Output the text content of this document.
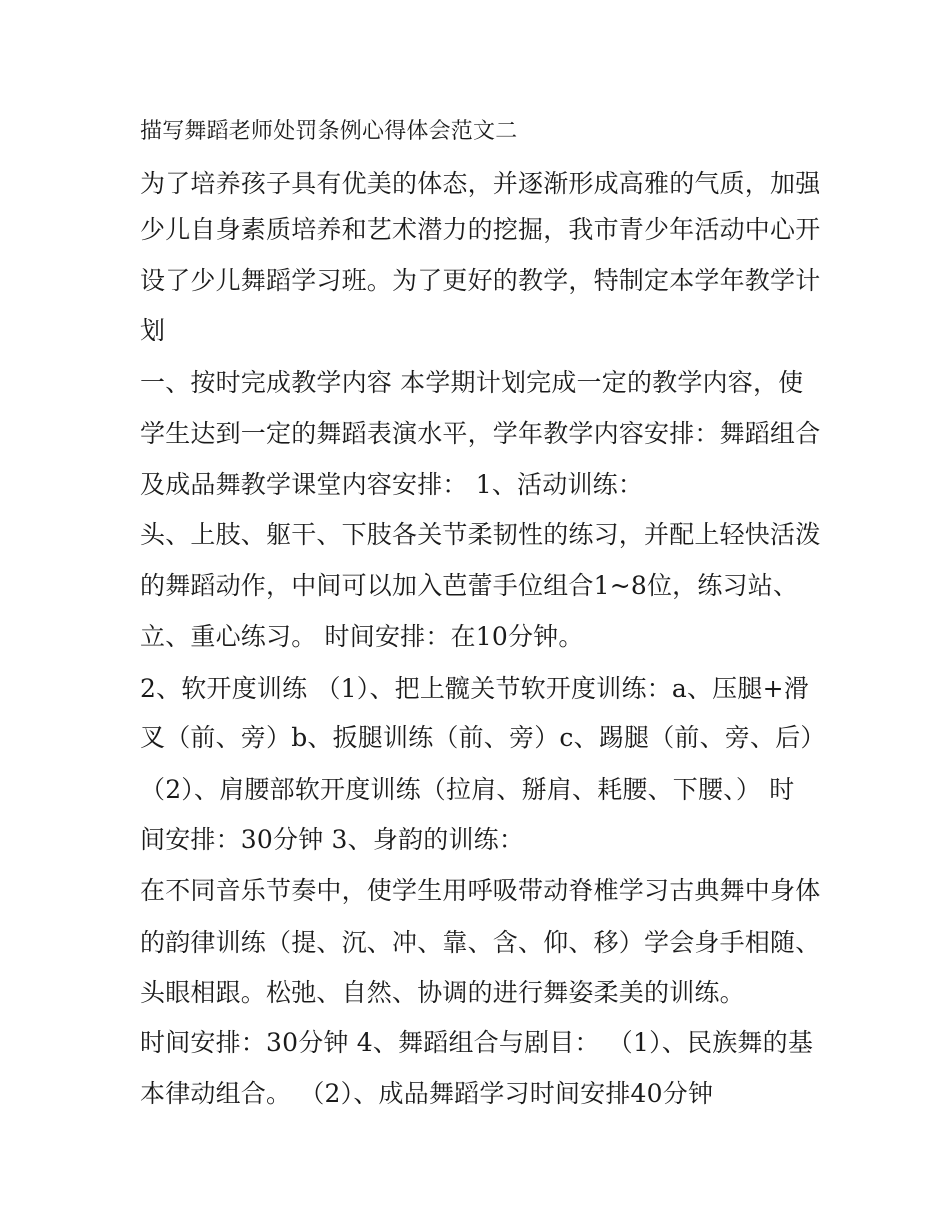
描写舞蹈老师处罚条例心得体会范文二
为了培养孩子具有优美的体态，并逐渐形成高雅的气质，加强
少儿自身素质培养和艺术潜力的挖掘，我市青少年活动中心开
设了少儿舞蹈学习班。为了更好的教学，特制定本学年教学计
划
一、按时完成教学内容 本学期计划完成一定的教学内容，使
学生达到一定的舞蹈表演水平，学年教学内容安排：舞蹈组合
及成品舞教学课堂内容安排： 1、活动训练：
头、上肢、躯干、下肢各关节柔韧性的练习，并配上轻快活泼
的舞蹈动作，中间可以加入芭蕾手位组合1~8位，练习站、
立、重心练习。 时间安排：在10分钟。
2、软开度训练 （1）、把上髋关节软开度训练：a、压腿+滑
叉（前、旁）b、扳腿训练（前、旁）c、踢腿（前、旁、后）
（2）、肩腰部软开度训练（拉肩、掰肩、耗腰、下腰、） 时
间安排：30分钟 3、身韵的训练：
在不同音乐节奏中，使学生用呼吸带动脊椎学习古典舞中身体
的韵律训练（提、沉、冲、靠、含、仰、移）学会身手相随、
头眼相跟。松弛、自然、协调的进行舞姿柔美的训练。
时间安排：30分钟 4、舞蹈组合与剧目： （1）、民族舞的基
本律动组合。 （2）、成品舞蹈学习时间安排40分钟
